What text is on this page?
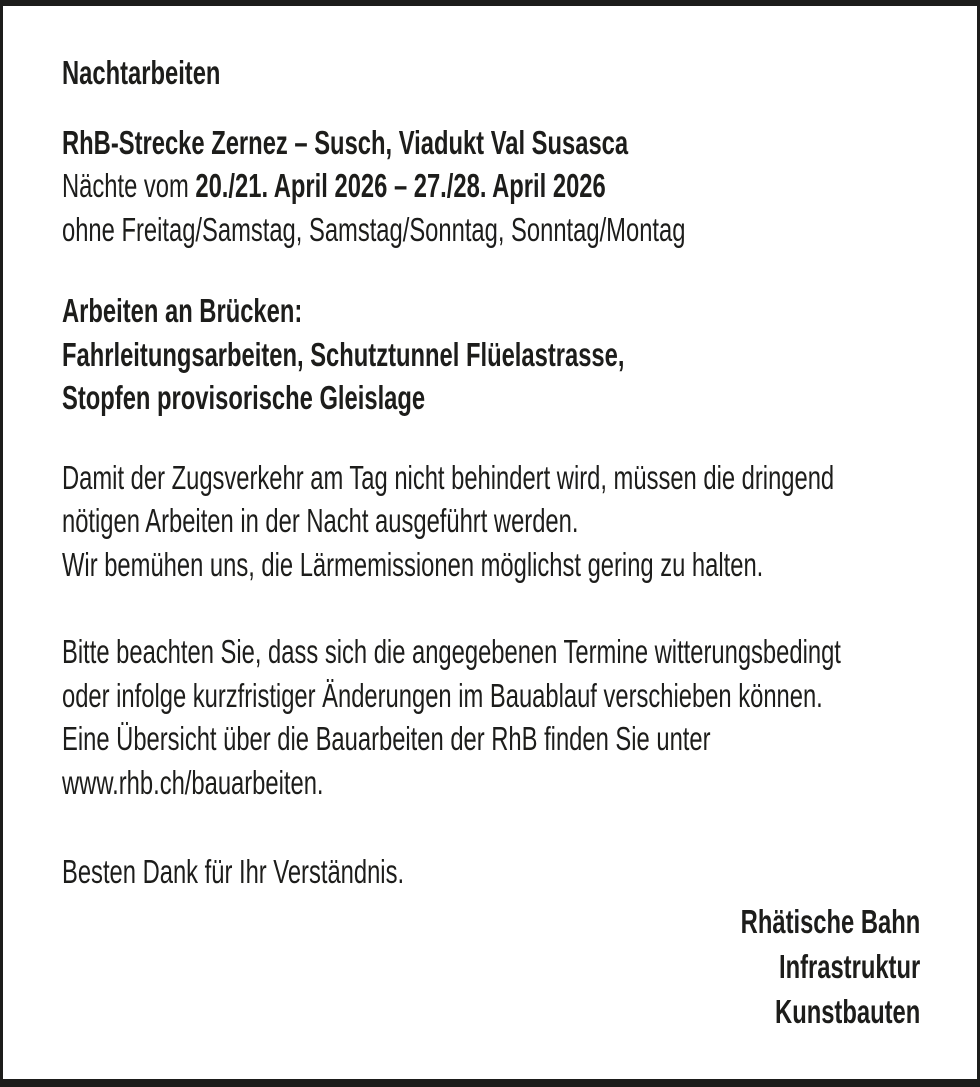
Nachtarbeiten
RhB-Strecke Zernez – Susch, Viadukt Val Susasca
Nächte vom 20./21. April 2026 – 27./28. April 2026
ohne Freitag/Samstag, Samstag/Sonntag, Sonntag/Montag
Arbeiten an Brücken:
Fahrleitungsarbeiten, Schutztunnel Flüelastrasse,
Stopfen provisorische Gleislage
Damit der Zugsverkehr am Tag nicht behindert wird, müssen die dringend
nötigen Arbeiten in der Nacht ausgeführt werden.
Wir bemühen uns, die Lärmemissionen möglichst gering zu halten.
Bitte beachten Sie, dass sich die angegebenen Termine witterungsbedingt
oder infolge kurzfristiger Änderungen im Bauablauf verschieben können.
Eine Übersicht über die Bauarbeiten der RhB finden Sie unter
www.rhb.ch/bauarbeiten.
Besten Dank für Ihr Verständnis.
Rhätische Bahn
Infrastruktur
Kunstbauten
